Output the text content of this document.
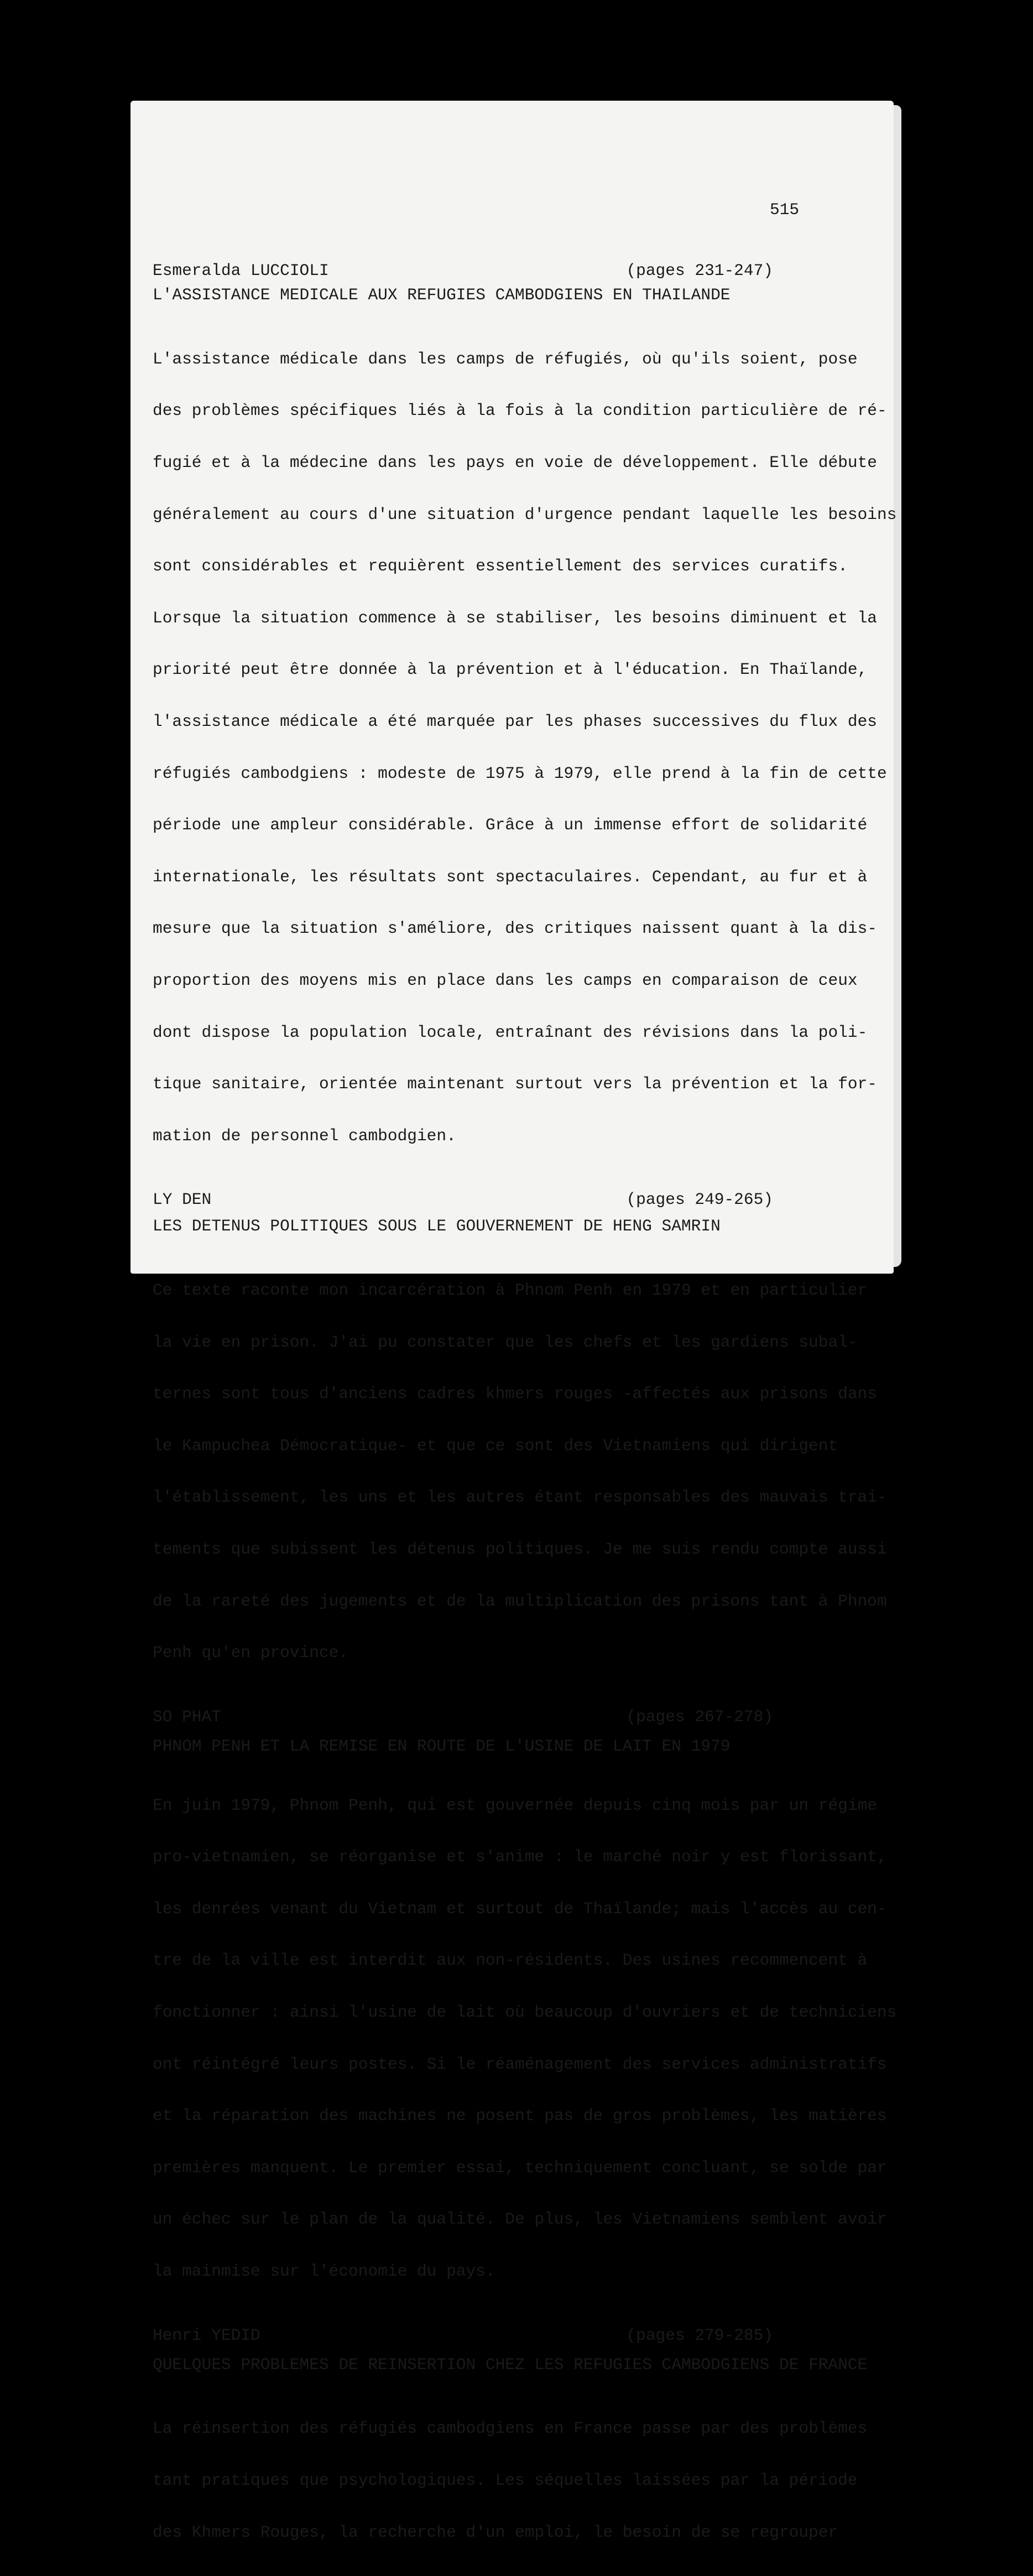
515
Esmeralda LUCCIOLI	(pages 231-247)
L'ASSISTANCE MEDICALE AUX REFUGIES CAMBODGIENS EN THAILANDE

L'assistance médicale dans les camps de réfugiés, où qu'ils soient, pose

des problèmes spécifiques liés à la fois à la condition particulière de ré-

fugié et à la médecine dans les pays en voie de développement. Elle débute

généralement au cours d'une situation d'urgence pendant laquelle les besoins

sont considérables et requièrent essentiellement des services curatifs.

Lorsque la situation commence à se stabiliser, les besoins diminuent et la

priorité peut être donnée à la prévention et à l'éducation. En Thaïlande,

l'assistance médicale a été marquée par les phases successives du flux des

réfugiés cambodgiens : modeste de 1975 à 1979, elle prend à la fin de cette

période une ampleur considérable. Grâce à un immense effort de solidarité

internationale, les résultats sont spectaculaires. Cependant, au fur et à

mesure que la situation s'améliore, des critiques naissent quant à la dis-

proportion des moyens mis en place dans les camps en comparaison de ceux

dont dispose la population locale, entraînant des révisions dans la poli-

tique sanitaire, orientée maintenant surtout vers la prévention et la for-

mation de personnel cambodgien.

LY DEN	(pages 249-265)
LES DETENUS POLITIQUES SOUS LE GOUVERNEMENT DE HENG SAMRIN

Ce texte raconte mon incarcération à Phnom Penh en 1979 et en particulier

la vie en prison. J'ai pu constater que les chefs et les gardiens subal-

ternes sont tous d'anciens cadres khmers rouges -affectés aux prisons dans

le Kampuchea Démocratique- et que ce sont des Vietnamiens qui dirigent

l'établissement, les uns et les autres étant responsables des mauvais trai-

tements que subissent les détenus politiques. Je me suis rendu compte aussi

de la rareté des jugements et de la multiplication des prisons tant à Phnom

Penh qu'en province.

SO PHAT	(pages 267-278)
PHNOM PENH ET LA REMISE EN ROUTE DE L'USINE DE LAIT EN 1979

En juin 1979, Phnom Penh, qui est gouvernée depuis cinq mois par un régime

pro-vietnamien, se réorganise et s'anime : le marché noir y est florissant,

les denrées venant du Vietnam et surtout de Thaïlande; mais l'accès au cen-

tre de la ville est interdit aux non-résidents. Des usines recommencent à

fonctionner : ainsi l'usine de lait où beaucoup d'ouvriers et de techniciens

ont réintégré leurs postes. Si le réaménagement des services administratifs

et la réparation des machines ne posent pas de gros problèmes, les matières

premières manquent. Le premier essai, techniquement concluant, se solde par

un échec sur le plan de la qualité. De plus, les Vietnamiens semblent avoir

la mainmise sur l'économie du pays.

Henri YEDID	(pages 279-285)
QUELQUES PROBLEMES DE REINSERTION CHEZ LES REFUGIES CAMBODGIENS DE FRANCE

La réinsertion des réfugiés cambodgiens en France passe par des problèmes

tant pratiques que psychologiques. Les séquelles laissées par la période

des Khmers Rouges, la recherche d'un emploi, le besoin de se regrouper
